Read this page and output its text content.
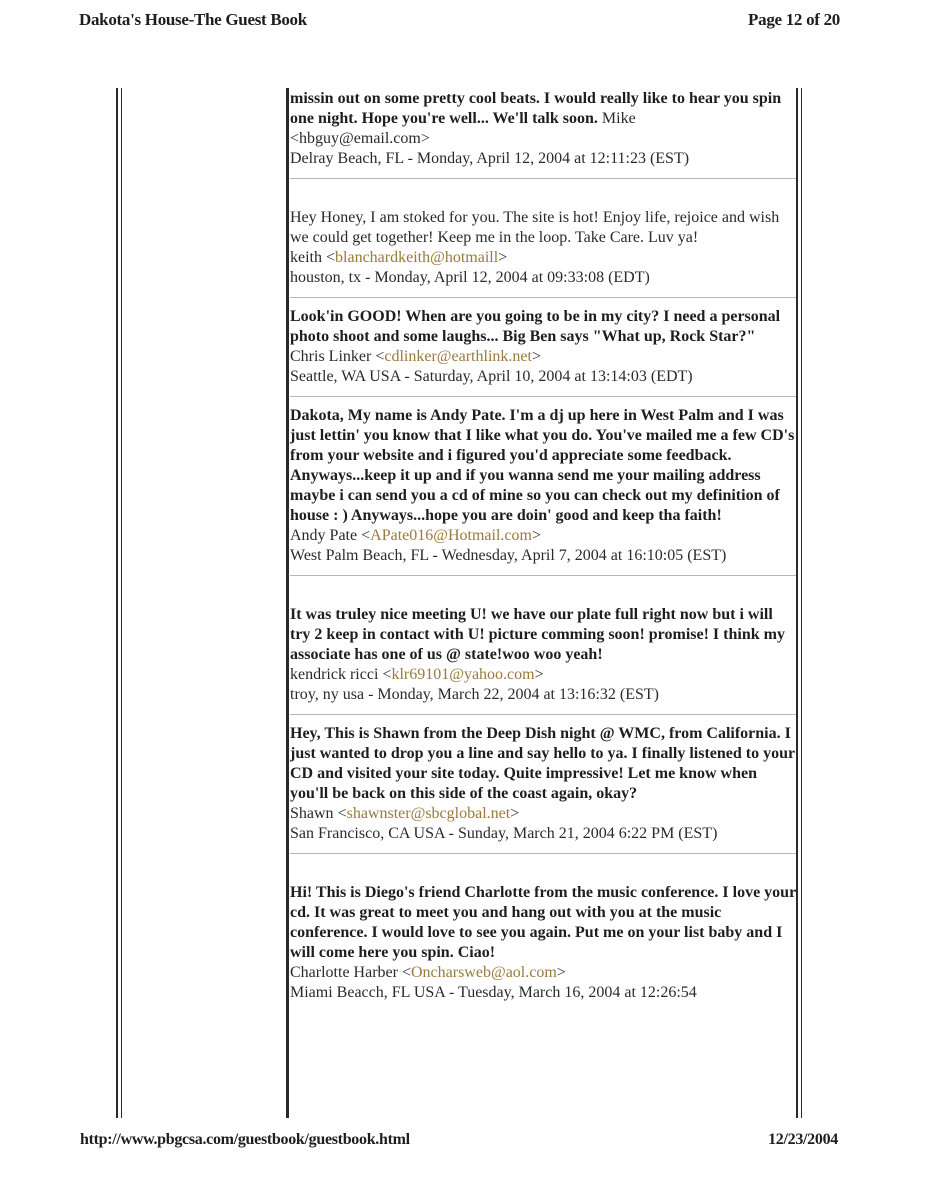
Dakota's House-The Guest Book	Page 12 of 20

missin out on some pretty cool beats. I would really like to hear you spin one night. Hope you're well... We'll talk soon. Mike

<hbguy@email.com>

Delray Beach, FL - Monday, April 12, 2004 at 12:11:23 (EST)

Hey Honey, I am stoked for you. The site is hot! Enjoy life, rejoice and wish we could get together! Keep me in the loop. Take Care. Luv ya!

keith <blanchardkeith@hotmaill>

houston, tx - Monday, April 12, 2004 at 09:33:08 (EDT)

Look'in GOOD! When are you going to be in my city? I need a personal photo shoot and some laughs... Big Ben says "What up, Rock Star?"

Chris Linker <cdlinker@earthlink.net>

Seattle, WA USA - Saturday, April 10, 2004 at 13:14:03 (EDT)

Dakota, My name is Andy Pate. I'm a dj up here in West Palm and I was just lettin' you know that I like what you do. You've mailed me a few CD's from your website and i figured you'd appreciate some feedback. Anyways...keep it up and if you wanna send me your mailing address maybe i can send you a cd of mine so you can check out my definition of house : ) Anyways...hope you are doin' good and keep tha faith!

Andy Pate <APate016@Hotmail.com>

West Palm Beach, FL - Wednesday, April 7, 2004 at 16:10:05 (EST)

It was truley nice meeting U! we have our plate full right now but i will try 2 keep in contact with U! picture comming soon! promise! I think my associate has one of us @ state!woo woo yeah!

kendrick ricci <klr69101@yahoo.com>

troy, ny usa - Monday, March 22, 2004 at 13:16:32 (EST)

Hey, This is Shawn from the Deep Dish night @ WMC, from California. I just wanted to drop you a line and say hello to ya. I finally listened to your CD and visited your site today. Quite impressive! Let me know when you'll be back on this side of the coast again, okay?

Shawn <shawnster@sbcglobal.net>

San Francisco, CA USA - Sunday, March 21, 2004 6:22 PM (EST)

Hi! This is Diego's friend Charlotte from the music conference. I love your cd. It was great to meet you and hang out with you at the music conference. I would love to see you again. Put me on your list baby and I will come here you spin. Ciao!

Charlotte Harber <Oncharsweb@aol.com>

Miami Beacch, FL USA - Tuesday, March 16, 2004 at 12:26:54

http://www.pbgcsa.com/guestbook/guestbook.html	12/23/2004
